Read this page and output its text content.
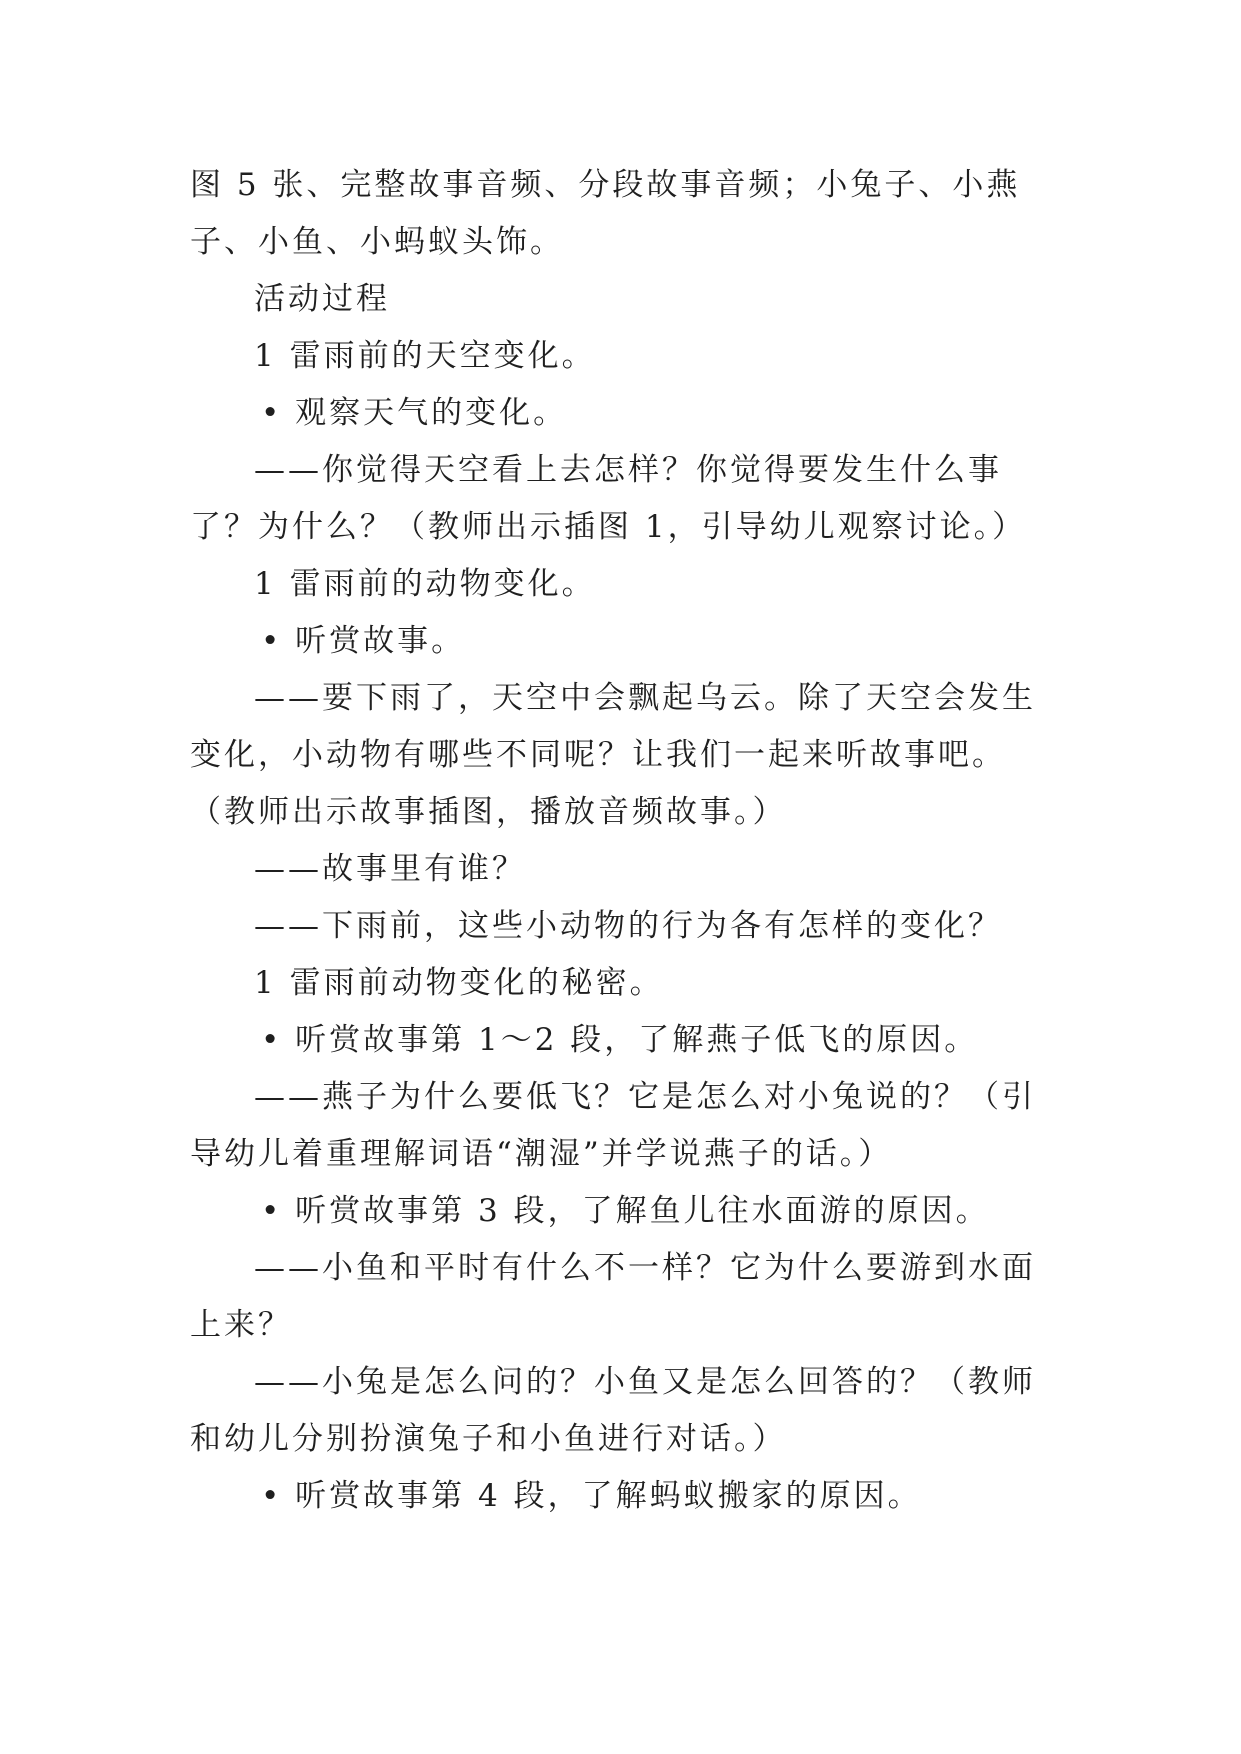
图 5 张、完整故事音频、分段故事音频；小兔子、小燕子、小鱼、小蚂蚁头饰。

活动过程

1 雷雨前的天空变化。

• 观察天气的变化。

——你觉得天空看上去怎样？你觉得要发生什么事了？为什么？（教师出示插图 1，引导幼儿观察讨论。）

1 雷雨前的动物变化。

• 听赏故事。

——要下雨了，天空中会飘起乌云。除了天空会发生变化，小动物有哪些不同呢？让我们一起来听故事吧。（教师出示故事插图，播放音频故事。）

——故事里有谁？

——下雨前，这些小动物的行为各有怎样的变化？

1 雷雨前动物变化的秘密。

• 听赏故事第 1～2 段，了解燕子低飞的原因。

——燕子为什么要低飞？它是怎么对小兔说的？（引导幼儿着重理解词语“潮湿”并学说燕子的话。）

• 听赏故事第 3 段，了解鱼儿往水面游的原因。

——小鱼和平时有什么不一样？它为什么要游到水面上来？

——小兔是怎么问的？小鱼又是怎么回答的？（教师和幼儿分别扮演兔子和小鱼进行对话。）

• 听赏故事第 4 段，了解蚂蚁搬家的原因。
